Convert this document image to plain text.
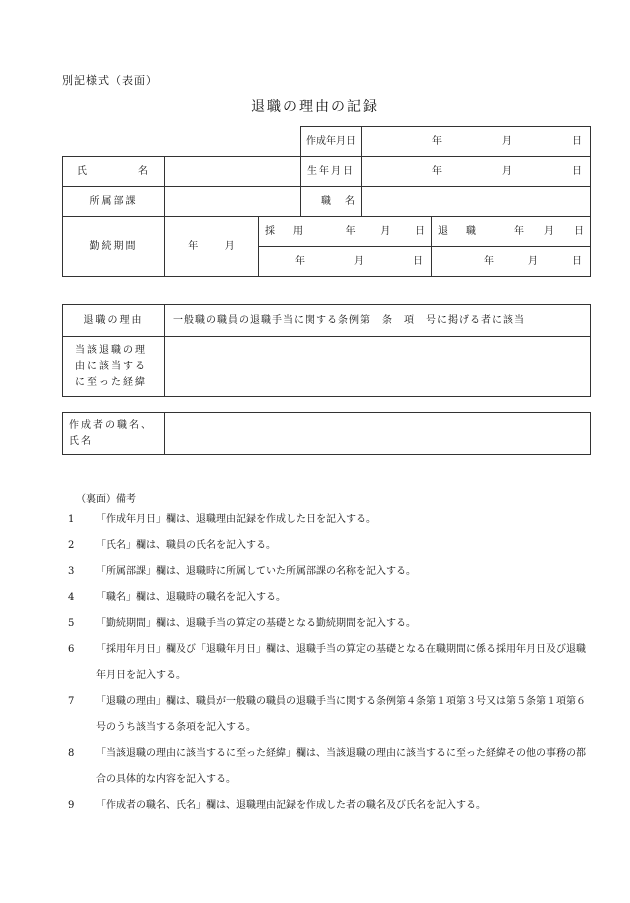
別記様式（表面）
退職の理由の記録
			作成年月日	年 月 日	

氏 名			生年月日	年 月 日	

所属部課			職 名		

勤続期間	年 月	採用 年 月 日			退職 年 月 日

		年 月 日			年 月 日
退職の理由	一般職の職員の退職手当に関する条例第　条　項　号に掲げる者に該当
当該退職の理由に該当するに至った経緯	
作成者の職名、氏名	
（裏面）備考
1	「作成年月日」欄は、退職理由記録を作成した日を記入する。
2	「氏名」欄は、職員の氏名を記入する。
3	「所属部課」欄は、退職時に所属していた所属部課の名称を記入する。
4	「職名」欄は、退職時の職名を記入する。
5	「勤続期間」欄は、退職手当の算定の基礎となる勤続期間を記入する。
6	「採用年月日」欄及び「退職年月日」欄は、退職手当の算定の基礎となる在職期間に係る採用年月日及び退職年月日を記入する。
7	「退職の理由」欄は、職員が一般職の職員の退職手当に関する条例第４条第１項第３号又は第５条第１項第６号のうち該当する条項を記入する。
8	「当該退職の理由に該当するに至った経緯」欄は、当該退職の理由に該当するに至った経緯その他の事務の都合の具体的な内容を記入する。
9	「作成者の職名、氏名」欄は、退職理由記録を作成した者の職名及び氏名を記入する。
